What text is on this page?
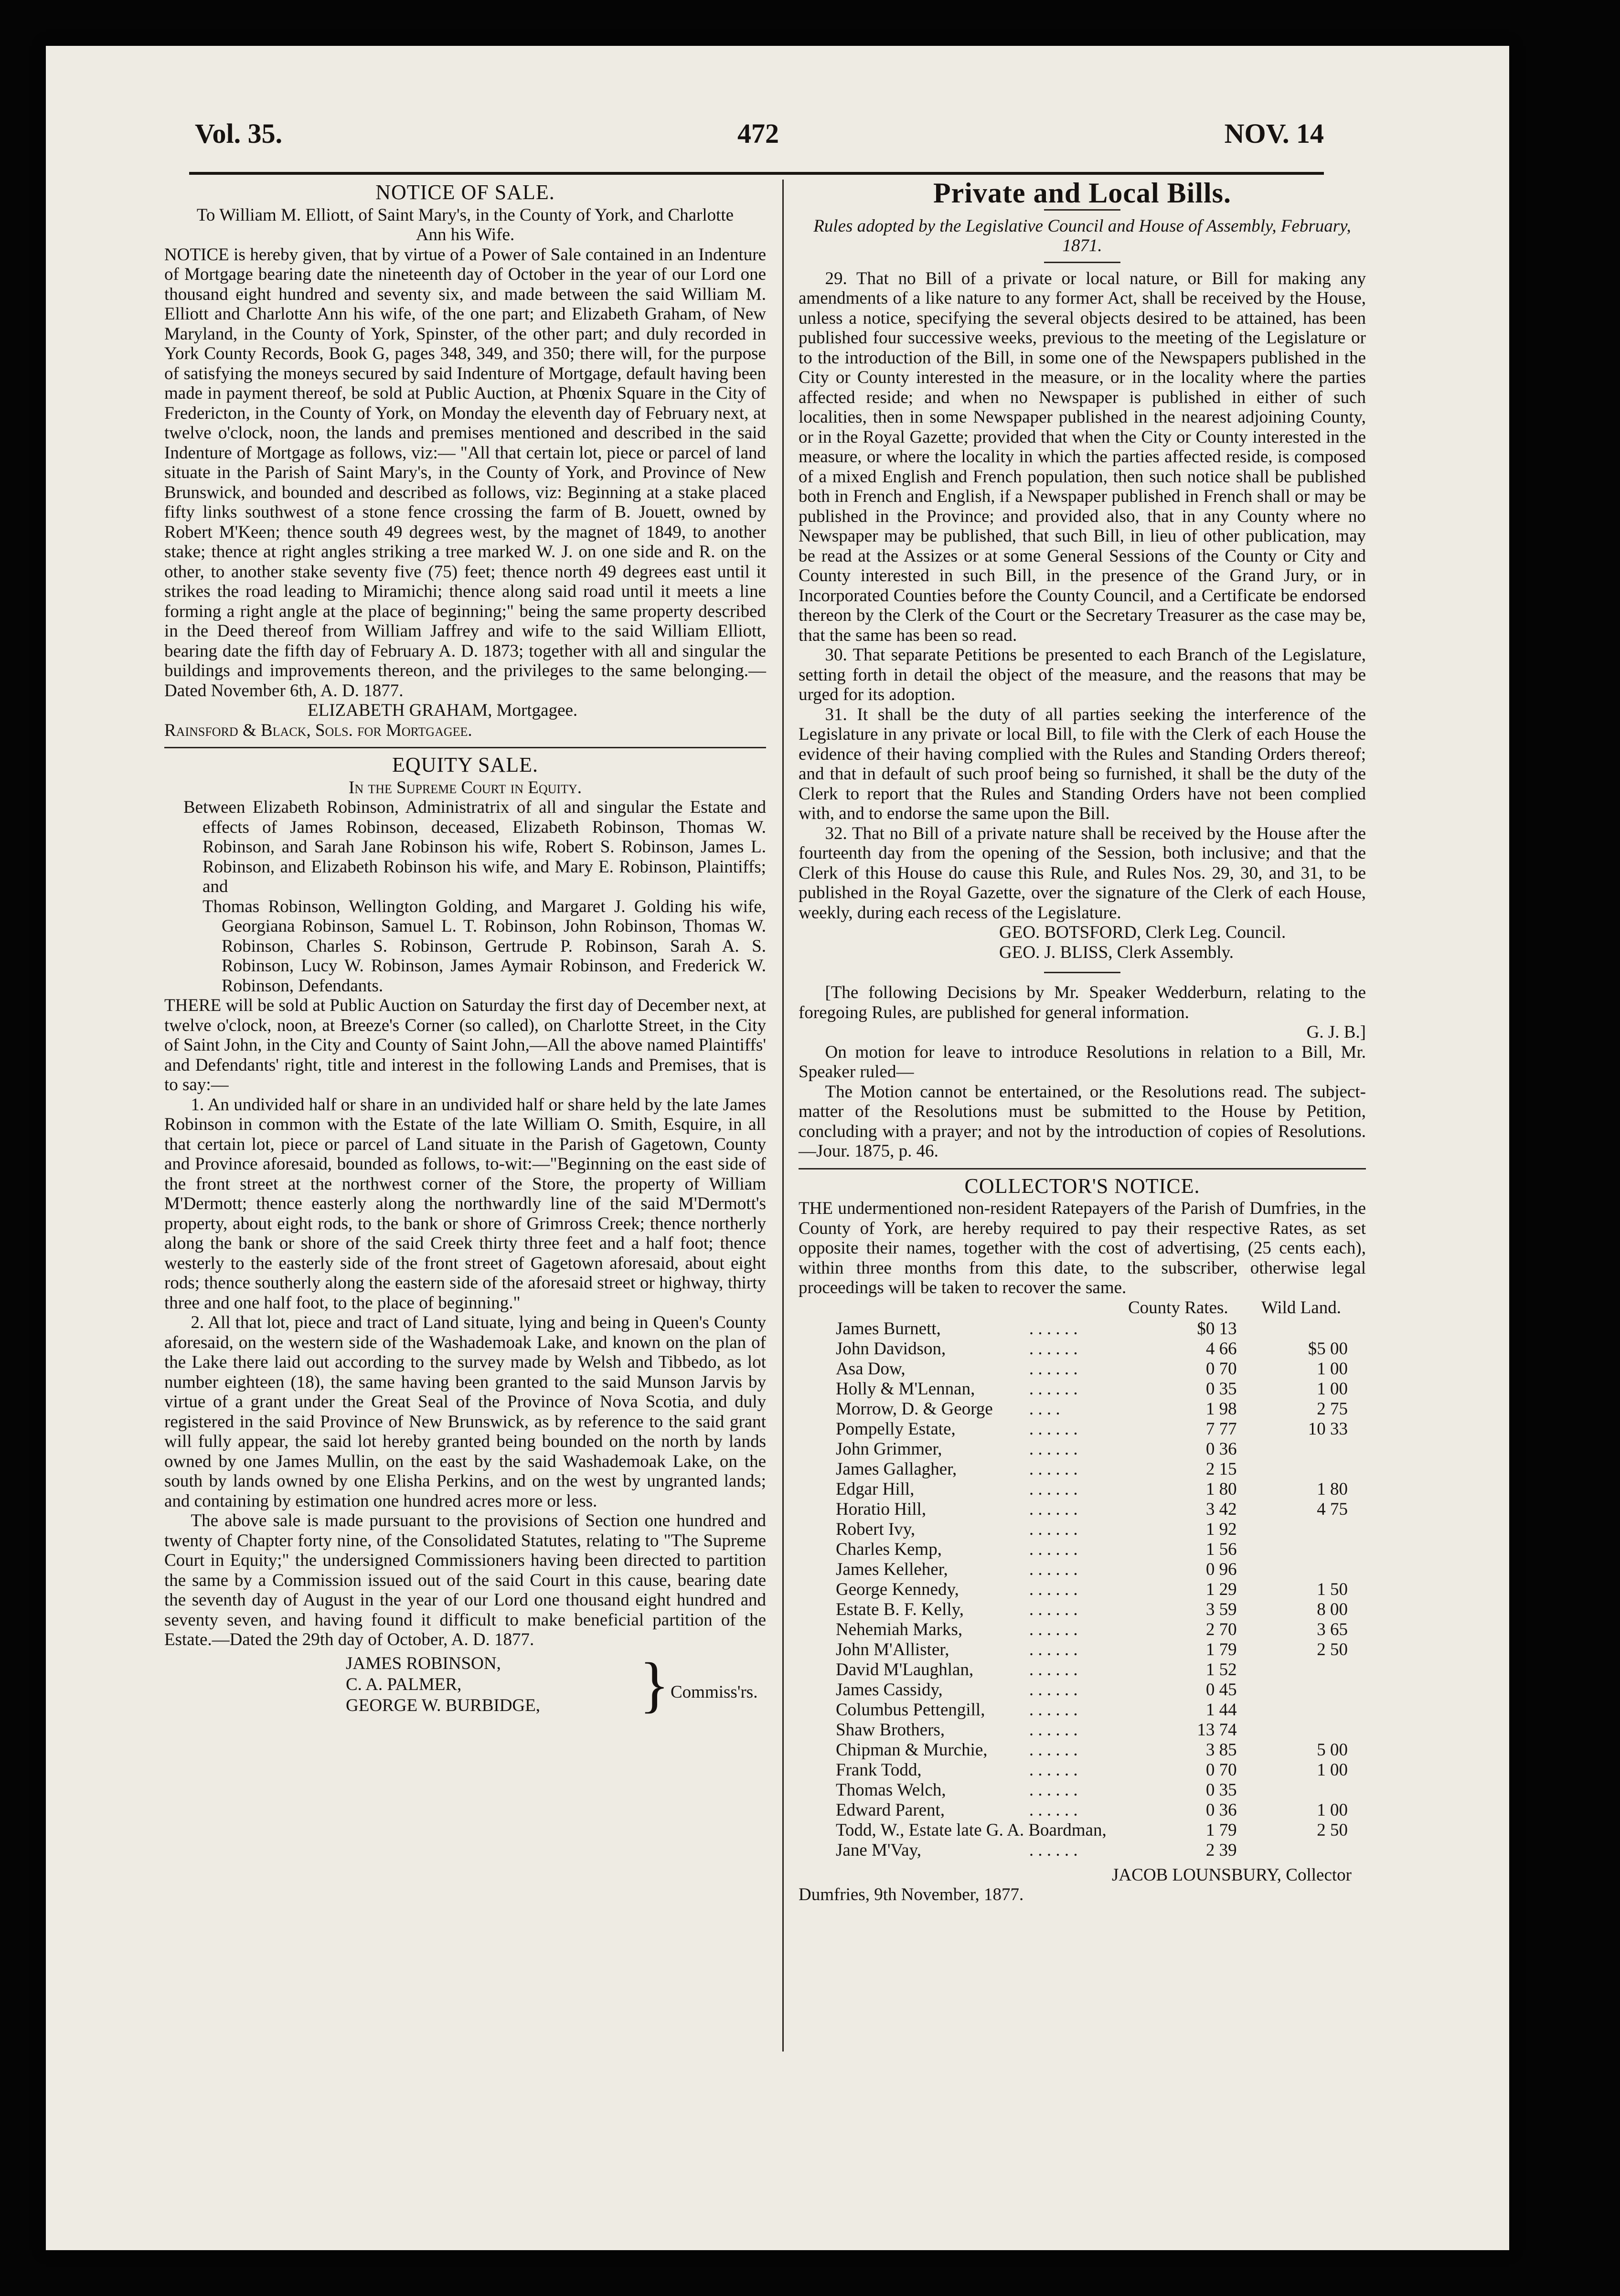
Vol. 35.	472	NOV. 14
NOTICE OF SALE.

To William M. Elliott, of Saint Mary's, in the County of York, and Charlotte Ann his Wife.

NOTICE is hereby given, that by virtue of a Power of Sale contained in an Indenture of Mortgage bearing date the nineteenth day of October in the year of our Lord one thousand eight hundred and seventy six, and made between the said William M. Elliott and Charlotte Ann his wife, of the one part; and Elizabeth Graham, of New Maryland, in the County of York, Spinster, of the other part; and duly recorded in York County Records, Book G, pages 348, 349, and 350; there will, for the purpose of satisfying the moneys secured by said Indenture of Mortgage, default having been made in payment thereof, be sold at Public Auction, at Phœnix Square in the City of Fredericton, in the County of York, on Monday the eleventh day of February next, at twelve o'clock, noon, the lands and premises mentioned and described in the said Indenture of Mortgage as follows, viz:— "All that certain lot, piece or parcel of land situate in the Parish of Saint Mary's, in the County of York, and Province of New Brunswick, and bounded and described as follows, viz: Beginning at a stake placed fifty links southwest of a stone fence crossing the farm of B. Jouett, owned by Robert M'Keen; thence south 49 degrees west, by the magnet of 1849, to another stake; thence at right angles striking a tree marked W. J. on one side and R. on the other, to another stake seventy five (75) feet; thence north 49 degrees east until it strikes the road leading to Miramichi; thence along said road until it meets a line forming a right angle at the place of beginning;" being the same property described in the Deed thereof from William Jaffrey and wife to the said William Elliott, bearing date the fifth day of February A. D. 1873; together with all and singular the buildings and improvements thereon, and the privileges to the same belonging.—Dated November 6th, A. D. 1877.

ELIZABETH GRAHAM, Mortgagee.

Rainsford & Black, Sols. for Mortgagee.

EQUITY SALE.

In the Supreme Court in Equity.

Between Elizabeth Robinson, Administratrix of all and singular the Estate and effects of James Robinson, deceased, Elizabeth Robinson, Thomas W. Robinson, and Sarah Jane Robinson his wife, Robert S. Robinson, James L. Robinson, and Elizabeth Robinson his wife, and Mary E. Robinson, Plaintiffs; and

Thomas Robinson, Wellington Golding, and Margaret J. Golding his wife, Georgiana Robinson, Samuel L. T. Robinson, John Robinson, Thomas W. Robinson, Charles S. Robinson, Gertrude P. Robinson, Sarah A. S. Robinson, Lucy W. Robinson, James Aymair Robinson, and Frederick W. Robinson, Defendants.

THERE will be sold at Public Auction on Saturday the first day of December next, at twelve o'clock, noon, at Breeze's Corner (so called), on Charlotte Street, in the City of Saint John, in the City and County of Saint John,—All the above named Plaintiffs' and Defendants' right, title and interest in the following Lands and Premises, that is to say:—

1. An undivided half or share in an undivided half or share held by the late James Robinson in common with the Estate of the late William O. Smith, Esquire, in all that certain lot, piece or parcel of Land situate in the Parish of Gagetown, County and Province aforesaid, bounded as follows, to-wit:—"Beginning on the east side of the front street at the northwest corner of the Store, the property of William M'Dermott; thence easterly along the northwardly line of the said M'Dermott's property, about eight rods, to the bank or shore of Grimross Creek; thence northerly along the bank or shore of the said Creek thirty three feet and a half foot; thence westerly to the easterly side of the front street of Gagetown aforesaid, about eight rods; thence southerly along the eastern side of the aforesaid street or highway, thirty three and one half foot, to the place of beginning."

2. All that lot, piece and tract of Land situate, lying and being in Queen's County aforesaid, on the western side of the Washademoak Lake, and known on the plan of the Lake there laid out according to the survey made by Welsh and Tibbedo, as lot number eighteen (18), the same having been granted to the said Munson Jarvis by virtue of a grant under the Great Seal of the Province of Nova Scotia, and duly registered in the said Province of New Brunswick, as by reference to the said grant will fully appear, the said lot hereby granted being bounded on the north by lands owned by one James Mullin, on the east by the said Washademoak Lake, on the south by lands owned by one Elisha Perkins, and on the west by ungranted lands; and containing by estimation one hundred acres more or less.

The above sale is made pursuant to the provisions of Section one hundred and twenty of Chapter forty nine, of the Consolidated Statutes, relating to "The Supreme Court in Equity;" the undersigned Commissioners having been directed to partition the same by a Commission issued out of the said Court in this cause, bearing date the seventh day of August in the year of our Lord one thousand eight hundred and seventy seven, and having found it difficult to make beneficial partition of the Estate.—Dated the 29th day of October, A. D. 1877.

JAMES ROBINSON,
C. A. PALMER,
GEORGE W. BURBIDGE,	} Commiss'rs.
Private and Local Bills.

Rules adopted by the Legislative Council and House of Assembly, February, 1871.

29. That no Bill of a private or local nature, or Bill for making any amendments of a like nature to any former Act, shall be received by the House, unless a notice, specifying the several objects desired to be attained, has been published four successive weeks, previous to the meeting of the Legislature or to the introduction of the Bill, in some one of the Newspapers published in the City or County interested in the measure, or in the locality where the parties affected reside; and when no Newspaper is published in either of such localities, then in some Newspaper published in the nearest adjoining County, or in the Royal Gazette; provided that when the City or County interested in the measure, or where the locality in which the parties affected reside, is composed of a mixed English and French population, then such notice shall be published both in French and English, if a Newspaper published in French shall or may be published in the Province; and provided also, that in any County where no Newspaper may be published, that such Bill, in lieu of other publication, may be read at the Assizes or at some General Sessions of the County or City and County interested in such Bill, in the presence of the Grand Jury, or in Incorporated Counties before the County Council, and a Certificate be endorsed thereon by the Clerk of the Court or the Secretary Treasurer as the case may be, that the same has been so read.

30. That separate Petitions be presented to each Branch of the Legislature, setting forth in detail the object of the measure, and the reasons that may be urged for its adoption.

31. It shall be the duty of all parties seeking the interference of the Legislature in any private or local Bill, to file with the Clerk of each House the evidence of their having complied with the Rules and Standing Orders thereof; and that in default of such proof being so furnished, it shall be the duty of the Clerk to report that the Rules and Standing Orders have not been complied with, and to endorse the same upon the Bill.

32. That no Bill of a private nature shall be received by the House after the fourteenth day from the opening of the Session, both inclusive; and that the Clerk of this House do cause this Rule, and Rules Nos. 29, 30, and 31, to be published in the Royal Gazette, over the signature of the Clerk of each House, weekly, during each recess of the Legislature.

GEO. BOTSFORD, Clerk Leg. Council.

GEO. J. BLISS, Clerk Assembly.

[The following Decisions by Mr. Speaker Wedderburn, relating to the foregoing Rules, are published for general information.

G. J. B.]

On motion for leave to introduce Resolutions in relation to a Bill, Mr. Speaker ruled—

The Motion cannot be entertained, or the Resolutions read. The subject-matter of the Resolutions must be submitted to the House by Petition, concluding with a prayer; and not by the introduction of copies of Resolutions.—Jour. 1875, p. 46.

COLLECTOR'S NOTICE.

THE undermentioned non-resident Ratepayers of the Parish of Dumfries, in the County of York, are hereby required to pay their respective Rates, as set opposite their names, together with the cost of advertising, (25 cents each), within three months from this date, to the subscriber, otherwise legal proceedings will be taken to recover the same.

County Rates. Wild Land.
James Burnett,	. . . . . .	$0 13	
John Davidson,	. . . . . .	4 66	$5 00
Asa Dow,	. . . . . .	0 70	1 00
Holly & M'Lennan,	. . . . . .	0 35	1 00
Morrow, D. & George	. . . .	1 98	2 75
Pompelly Estate,	. . . . . .	7 77	10 33
John Grimmer,	. . . . . .	0 36	
James Gallagher,	. . . . . .	2 15	
Edgar Hill,	. . . . . .	1 80	1 80
Horatio Hill,	. . . . . .	3 42	4 75
Robert Ivy,	. . . . . .	1 92	
Charles Kemp,	. . . . . .	1 56	
James Kelleher,	. . . . . .	0 96	
George Kennedy,	. . . . . .	1 29	1 50
Estate B. F. Kelly,	. . . . . .	3 59	8 00
Nehemiah Marks,	. . . . . .	2 70	3 65
John M'Allister,	. . . . . .	1 79	2 50
David M'Laughlan,	. . . . . .	1 52	
James Cassidy,	. . . . . .	0 45	
Columbus Pettengill,	. . . . . .	1 44	
Shaw Brothers,	. . . . . .	13 74	
Chipman & Murchie,	. . . . . .	3 85	5 00
Frank Todd,	. . . . . .	0 70	1 00
Thomas Welch,	. . . . . .	0 35	
Edward Parent,	. . . . . .	0 36	1 00
Todd, W., Estate late G. A. Boardman,		1 79	2 50
Jane M'Vay,	. . . . . .	2 39	

JACOB LOUNSBURY, Collector

Dumfries, 9th November, 1877.
